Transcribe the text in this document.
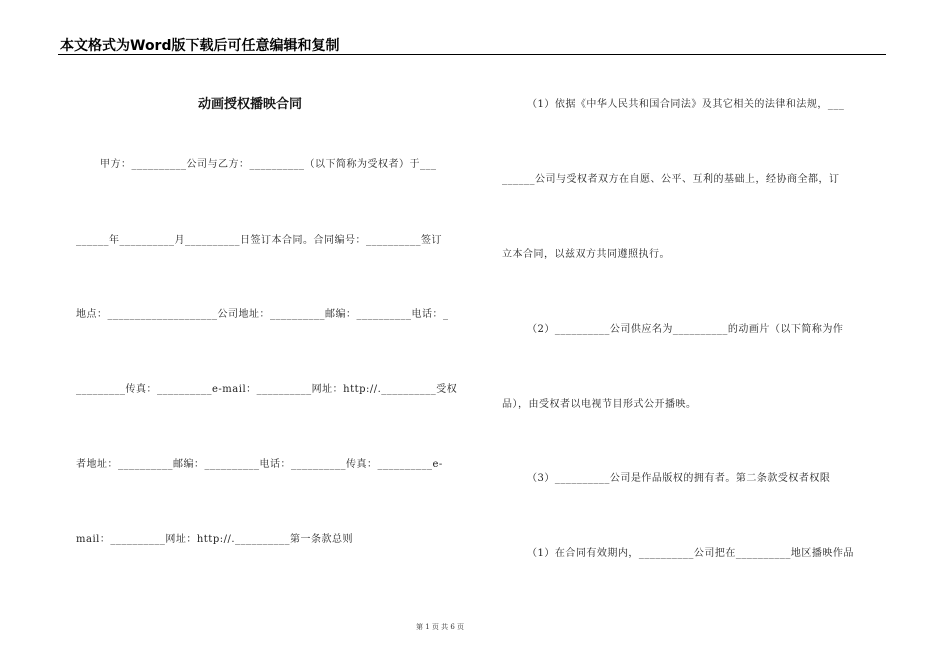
本文格式为Word版下载后可任意编辑和复制
动画授权播映合同
甲方：__________公司与乙方：__________（以下简称为受权者）于___
______年__________月__________日签订本合同。合同编号：__________签订
地点：____________________公司地址：__________邮编：__________电话：_
_________传真：__________e-mail：__________网址：http://.__________受权
者地址：__________邮编：__________电话：__________传真：__________e-
mail：__________网址：http://.__________第一条款总则
（1）依据《中华人民共和国合同法》及其它相关的法律和法规，___
______公司与受权者双方在自愿、公平、互利的基础上，经协商全都，订
立本合同，以兹双方共同遵照执行。
（2）__________公司供应名为__________的动画片（以下简称为作
品），由受权者以电视节目形式公开播映。
（3）__________公司是作品版权的拥有者。第二条款受权者权限
（1）在合同有效期内，__________公司把在__________地区播映作品
第 1 页 共 6 页
